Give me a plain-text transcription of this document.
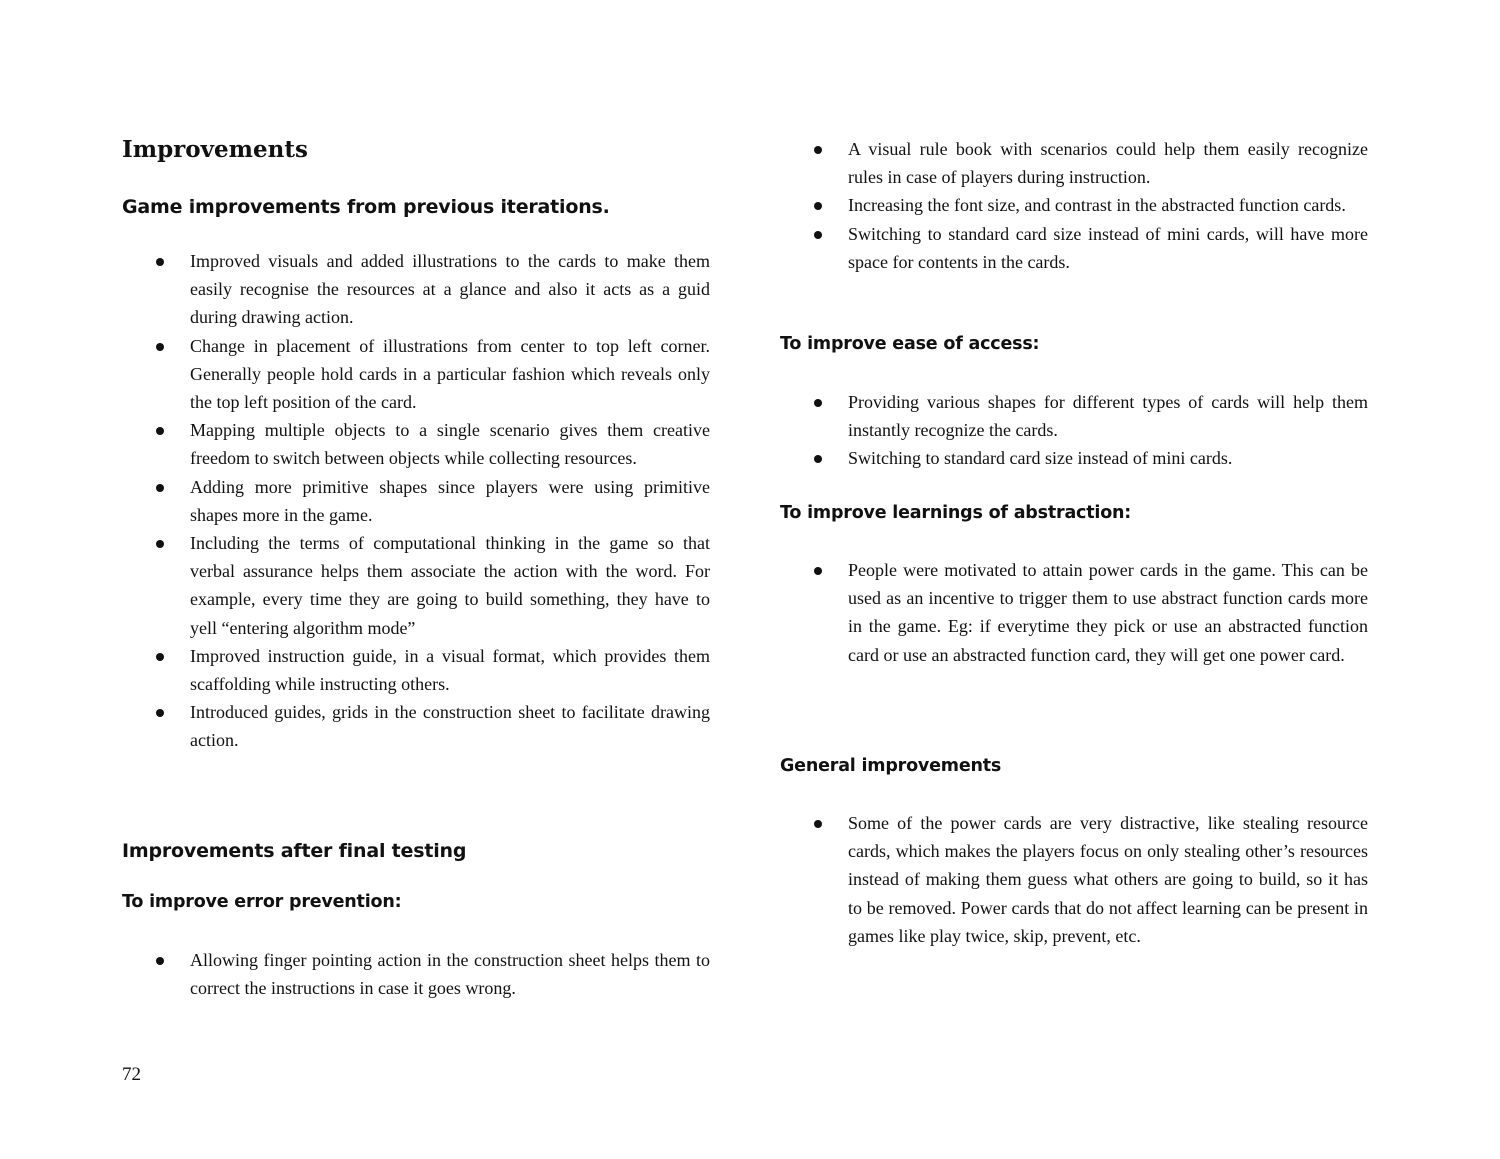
Improvements
Game improvements from previous iterations.
Improved visuals and added illustrations to the cards to make them easily recognise the resources at a glance and also it acts as a guid during drawing action.
Change in placement of illustrations from center to top left corner. Generally people hold cards in a particular fashion which reveals only the top left position of the card.
Mapping multiple objects to a single scenario gives them creative freedom to switch between objects while collecting resources.
Adding more primitive shapes since players were using primitive shapes more in the game.
Including the terms of computational thinking in the game so that verbal assurance helps them associate the action with the word. For example, every time they are going to build something, they have to yell “entering algorithm mode”
Improved instruction guide, in a visual format, which provides them scaffolding while instructing others.
Introduced guides, grids in the construction sheet to facilitate drawing action.
Improvements after final testing
To improve error prevention:
Allowing finger pointing action in the construction sheet helps them to correct the instructions in case it goes wrong.
A visual rule book with scenarios could help them easily recognize rules in case of players during instruction.
Increasing the font size, and contrast in the abstracted function cards.
Switching to standard card size instead of mini cards, will have more space for contents in the cards.
To improve ease of access:
Providing various shapes for different types of cards will help them instantly recognize the cards.
Switching to standard card size instead of mini cards.
To improve learnings of abstraction:
People were motivated to attain power cards in the game. This can be used as an incentive to trigger them to use abstract function cards more in the game. Eg: if everytime they pick or use an abstracted function card or use an abstracted function card, they will get one power card.
General improvements
Some of the power cards are very distractive, like stealing resource cards, which makes the players focus on only stealing other’s resources instead of making them guess what others are going to build, so it has to be removed. Power cards that do not affect learning can be present in games like play twice, skip, prevent, etc.
72
